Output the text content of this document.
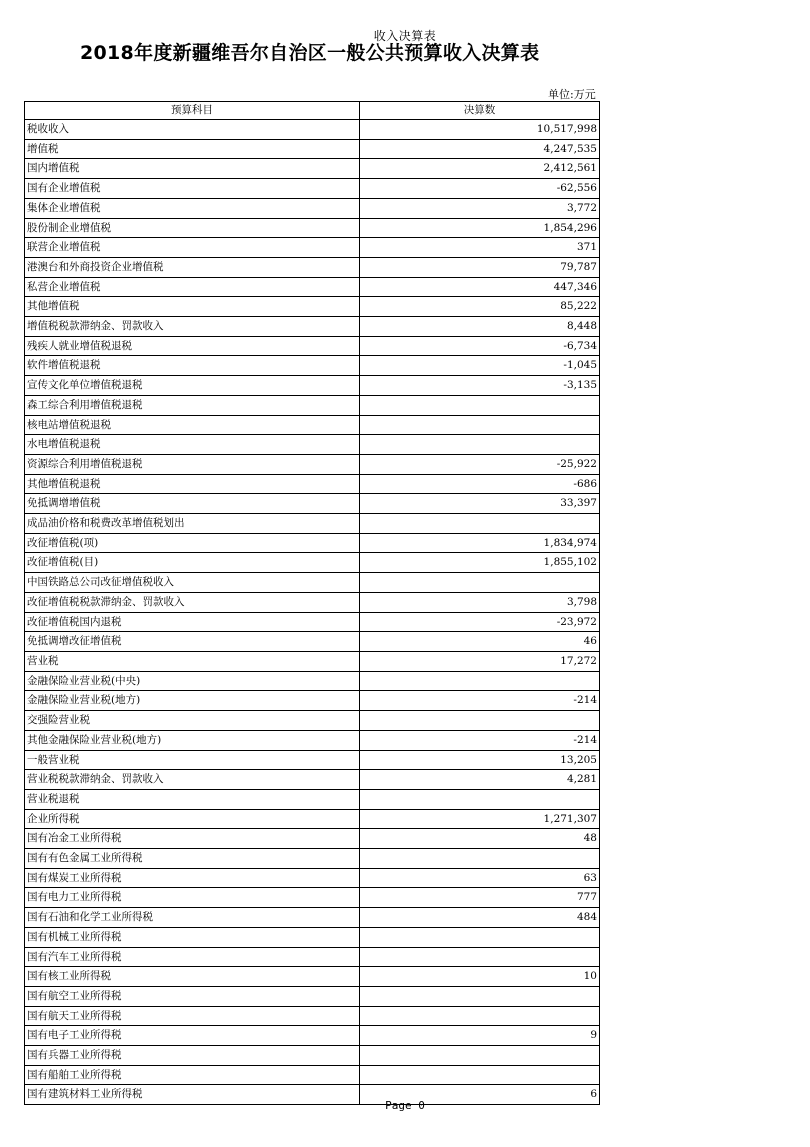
收入决算表
2018年度新疆维吾尔自治区一般公共预算收入决算表
单位:万元
预算科目	决算数
税收收入	10,517,998
增值税	4,247,535
国内增值税	2,412,561
国有企业增值税	-62,556
集体企业增值税	3,772
股份制企业增值税	1,854,296
联营企业增值税	371
港澳台和外商投资企业增值税	79,787
私营企业增值税	447,346
其他增值税	85,222
增值税税款滞纳金、罚款收入	8,448
残疾人就业增值税退税	-6,734
软件增值税退税	-1,045
宣传文化单位增值税退税	-3,135
森工综合利用增值税退税	
核电站增值税退税	
水电增值税退税	
资源综合利用增值税退税	-25,922
其他增值税退税	-686
免抵调增增值税	33,397
成品油价格和税费改革增值税划出	
改征增值税(项)	1,834,974
改征增值税(目)	1,855,102
中国铁路总公司改征增值税收入	
改征增值税税款滞纳金、罚款收入	3,798
改征增值税国内退税	-23,972
免抵调增改征增值税	46
营业税	17,272
金融保险业营业税(中央)	
金融保险业营业税(地方)	-214
交强险营业税	
其他金融保险业营业税(地方)	-214
一般营业税	13,205
营业税税款滞纳金、罚款收入	4,281
营业税退税	
企业所得税	1,271,307
国有冶金工业所得税	48
国有有色金属工业所得税	
国有煤炭工业所得税	63
国有电力工业所得税	777
国有石油和化学工业所得税	484
国有机械工业所得税	
国有汽车工业所得税	
国有核工业所得税	10
国有航空工业所得税	
国有航天工业所得税	
国有电子工业所得税	9
国有兵器工业所得税	
国有船舶工业所得税	
国有建筑材料工业所得税	6
Page 0
